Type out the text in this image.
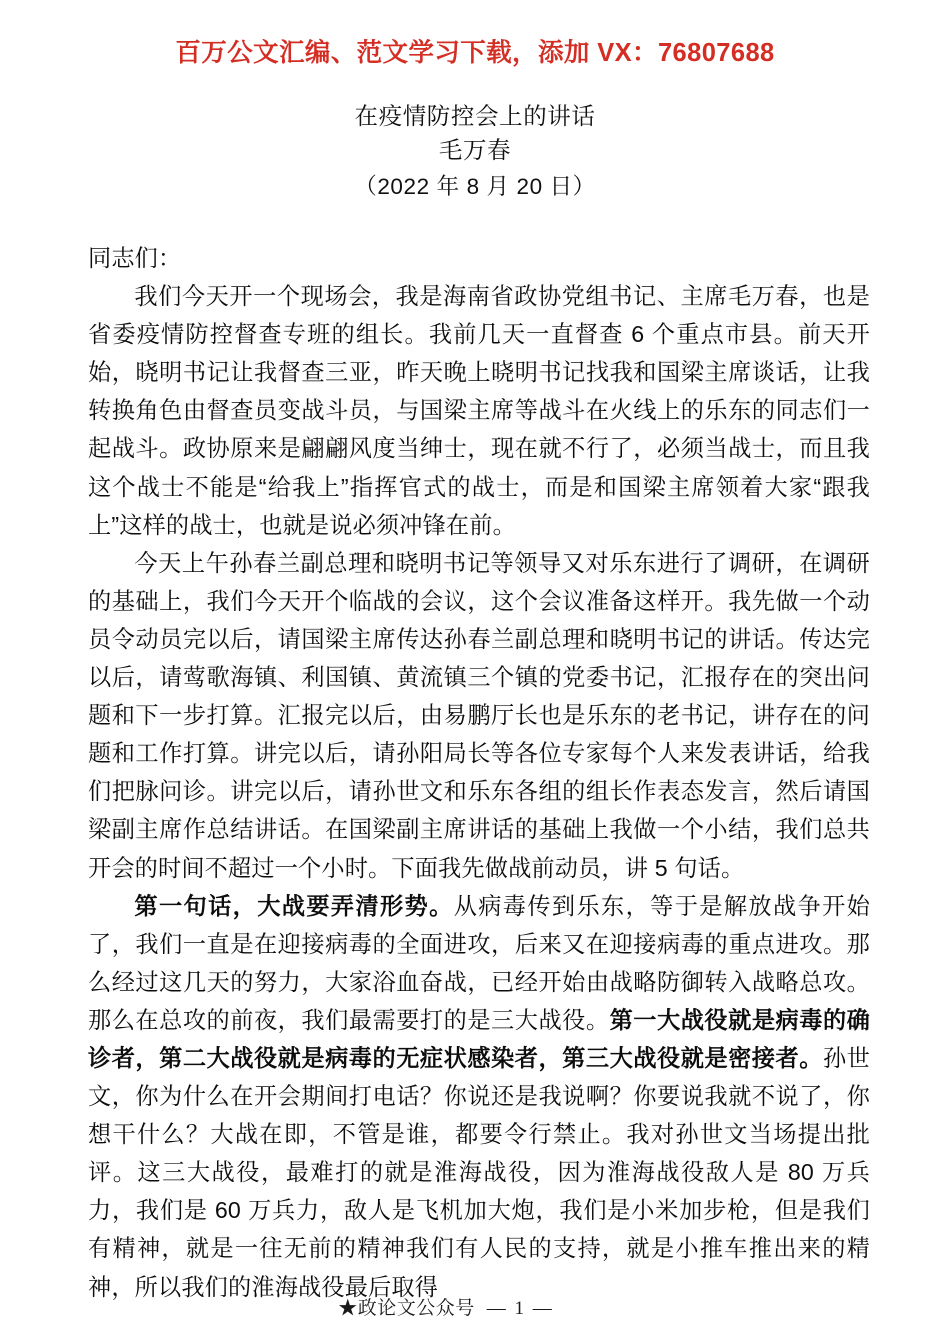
百万公文汇编、范文学习下载，添加 VX：76807688
在疫情防控会上的讲话
毛万春
（2022 年 8 月 20 日）

同志们：

我们今天开一个现场会，我是海南省政协党组书记、主席毛万春，也是省委疫情防控督查专班的组长。我前几天一直督查 6 个重点市县。前天开始，晓明书记让我督查三亚，昨天晚上晓明书记找我和国梁主席谈话，让我转换角色由督查员变战斗员，与国梁主席等战斗在火线上的乐东的同志们一起战斗。政协原来是翩翩风度当绅士，现在就不行了，必须当战士，而且我这个战士不能是“给我上”指挥官式的战士，而是和国梁主席领着大家“跟我上”这样的战士，也就是说必须冲锋在前。

今天上午孙春兰副总理和晓明书记等领导又对乐东进行了调研，在调研的基础上，我们今天开个临战的会议，这个会议准备这样开。我先做一个动员令动员完以后，请国梁主席传达孙春兰副总理和晓明书记的讲话。传达完以后，请莺歌海镇、利国镇、黄流镇三个镇的党委书记，汇报存在的突出问题和下一步打算。汇报完以后，由易鹏厅长也是乐东的老书记，讲存在的问题和工作打算。讲完以后，请孙阳局长等各位专家每个人来发表讲话，给我们把脉问诊。讲完以后，请孙世文和乐东各组的组长作表态发言，然后请国梁副主席作总结讲话。在国梁副主席讲话的基础上我做一个小结，我们总共开会的时间不超过一个小时。下面我先做战前动员，讲 5 句话。

第一句话，大战要弄清形势。从病毒传到乐东，等于是解放战争开始了，我们一直是在迎接病毒的全面进攻，后来又在迎接病毒的重点进攻。那么经过这几天的努力，大家浴血奋战，已经开始由战略防御转入战略总攻。那么在总攻的前夜，我们最需要打的是三大战役。第一大战役就是病毒的确诊者，第二大战役就是病毒的无症状感染者，第三大战役就是密接者。孙世文，你为什么在开会期间打电话？你说还是我说啊？你要说我就不说了，你想干什么？大战在即，不管是谁，都要令行禁止。我对孙世文当场提出批评。这三大战役，最难打的就是淮海战役，因为淮海战役敌人是 80 万兵力，我们是 60 万兵力，敌人是飞机加大炮，我们是小米加步枪，但是我们有精神，就是一往无前的精神我们有人民的支持，就是小推车推出来的精神，所以我们的淮海战役最后取得

★政论文公众号 — 1 —
